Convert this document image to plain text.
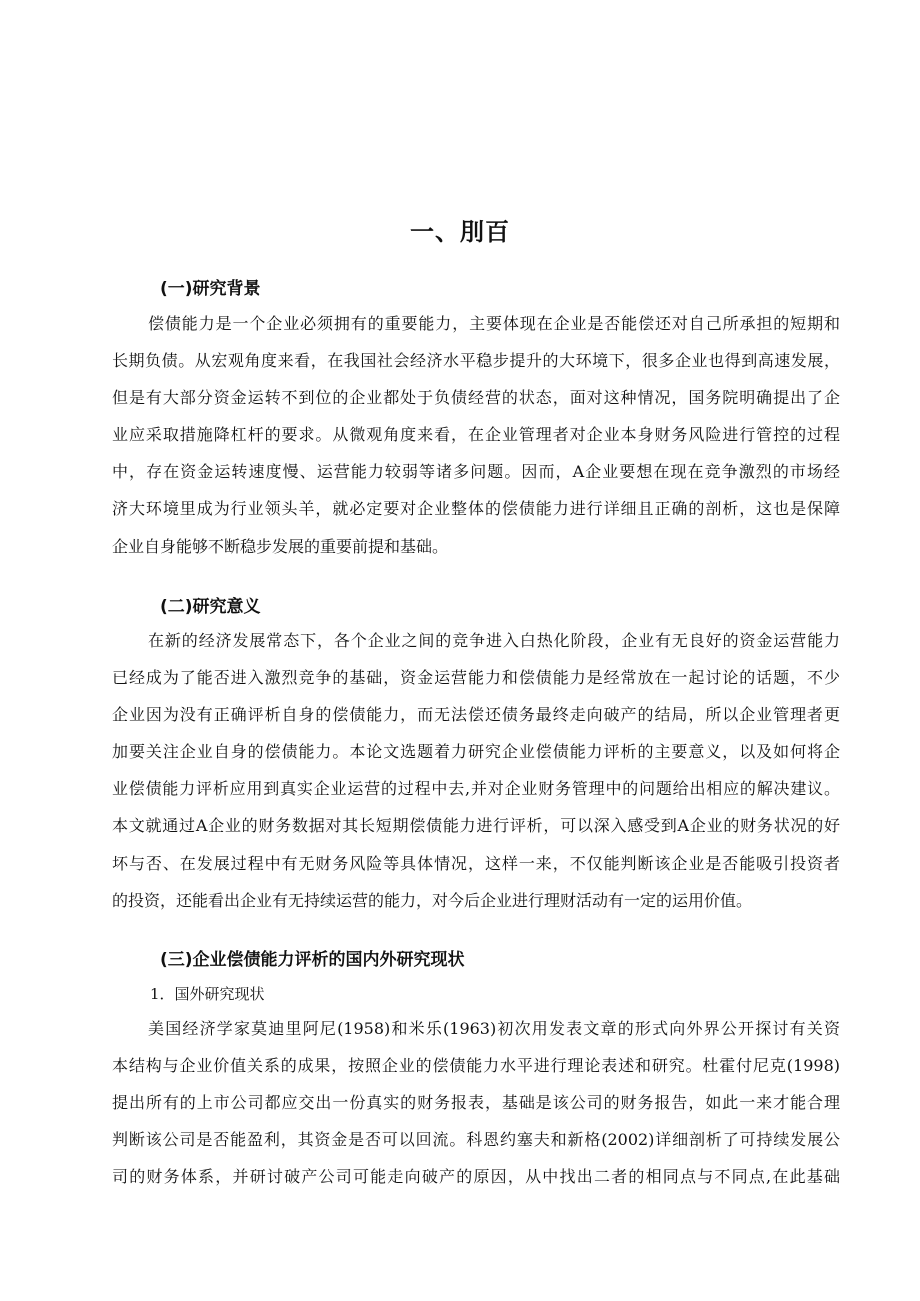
一、刖百
(一)研究背景
偿债能力是一个企业必须拥有的重要能力，主要体现在企业是否能偿还对自己所承担的短期和
长期负债。从宏观角度来看，在我国社会经济水平稳步提升的大环境下，很多企业也得到高速发展，
但是有大部分资金运转不到位的企业都处于负债经营的状态，面对这种情况，国务院明确提出了企
业应采取措施降杠杆的要求。从微观角度来看，在企业管理者对企业本身财务风险进行管控的过程
中，存在资金运转速度慢、运营能力较弱等诸多问题。因而，A企业要想在现在竞争激烈的市场经
济大环境里成为行业领头羊，就必定要对企业整体的偿债能力进行详细且正确的剖析，这也是保障
企业自身能够不断稳步发展的重要前提和基础。
(二)研究意义
在新的经济发展常态下，各个企业之间的竞争进入白热化阶段，企业有无良好的资金运营能力
已经成为了能否进入激烈竞争的基础，资金运营能力和偿债能力是经常放在一起讨论的话题，不少
企业因为没有正确评析自身的偿债能力，而无法偿还债务最终走向破产的结局，所以企业管理者更
加要关注企业自身的偿债能力。本论文选题着力研究企业偿债能力评析的主要意义，以及如何将企
业偿债能力评析应用到真实企业运营的过程中去,并对企业财务管理中的问题给出相应的解决建议。
本文就通过A企业的财务数据对其长短期偿债能力进行评析，可以深入感受到A企业的财务状况的好
坏与否、在发展过程中有无财务风险等具体情况，这样一来，不仅能判断该企业是否能吸引投资者
的投资，还能看出企业有无持续运营的能力，对今后企业进行理财活动有一定的运用价值。
(三)企业偿债能力评析的国内外研究现状
1．国外研究现状
美国经济学家莫迪里阿尼(1958)和米乐(1963)初次用发表文章的形式向外界公开探讨有关资
本结构与企业价值关系的成果，按照企业的偿债能力水平进行理论表述和研究。杜霍付尼克(1998)
提出所有的上市公司都应交出一份真实的财务报表，基础是该公司的财务报告，如此一来才能合理
判断该公司是否能盈利，其资金是否可以回流。科恩约塞夫和新格(2002)详细剖析了可持续发展公
司的财务体系，并研讨破产公司可能走向破产的原因，从中找出二者的相同点与不同点,在此基础
